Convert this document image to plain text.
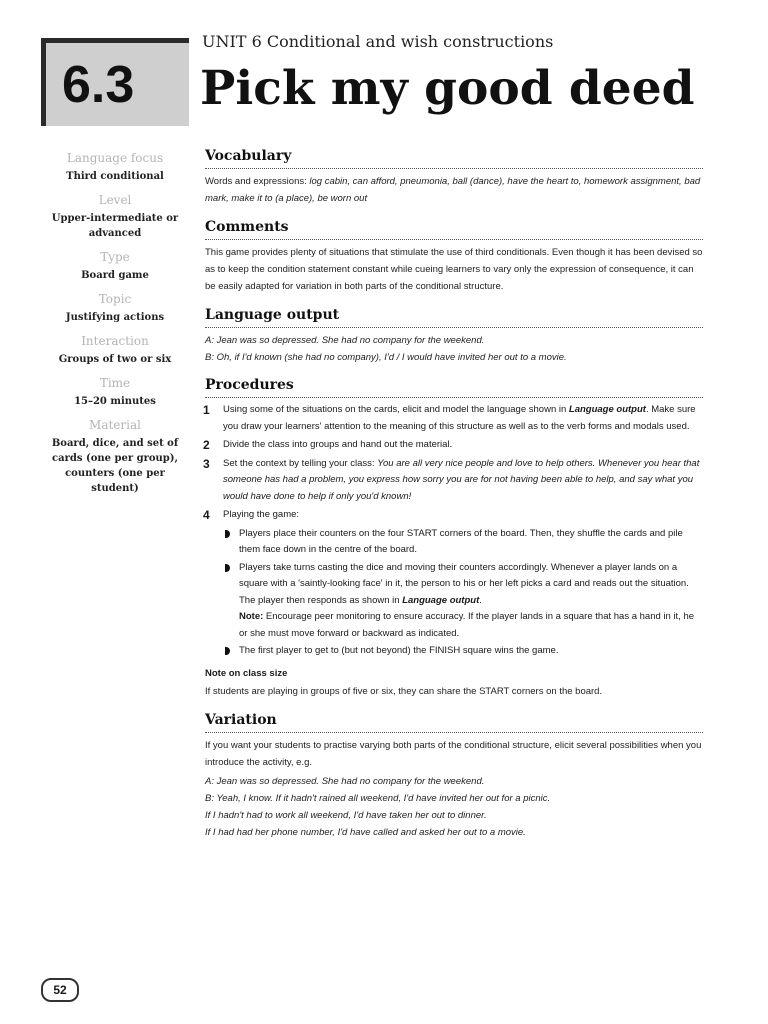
6.3
UNIT 6 Conditional and wish constructions
Pick my good deed

Language focus

Third conditional

Level

Upper-intermediate or advanced

Type

Board game

Topic

Justifying actions

Interaction

Groups of two or six

Time

15–20 minutes

Material

Board, dice, and set of cards (one per group), counters (one per student)

Vocabulary

Words and expressions: log cabin, can afford, pneumonia, ball (dance), have the heart to, homework assignment, bad mark, make it to (a place), be worn out

Comments

This game provides plenty of situations that stimulate the use of third conditionals. Even though it has been devised so as to keep the condition statement constant while cueing learners to vary only the expression of consequence, it can be easily adapted for variation in both parts of the conditional structure.

Language output
A: Jean was so depressed. She had no company for the weekend.
B: Oh, if I'd known (she had no company), I'd / I would have invited her out to a movie.
Procedures
1 Using some of the situations on the cards, elicit and model the language shown in Language output. Make sure you draw your learners' attention to the meaning of this structure as well as to the verb forms and modals used.
2 Divide the class into groups and hand out the material.
3 Set the context by telling your class: You are all very nice people and love to help others. Whenever you hear that someone has had a problem, you express how sorry you are for not having been able to help, and say what you would have done to help if only you'd known!
4 Playing the game:
Players place their counters on the four START corners of the board. Then, they shuffle the cards and pile them face down in the centre of the board.
Players take turns casting the dice and moving their counters accordingly. Whenever a player lands on a square with a 'saintly-looking face' in it, the person to his or her left picks a card and reads out the situation. The player then responds as shown in Language output.
Note: Encourage peer monitoring to ensure accuracy. If the player lands in a square that has a hand in it, he or she must move forward or backward as indicated.
The first player to get to (but not beyond) the FINISH square wins the game.
Note on class size

If students are playing in groups of five or six, they can share the START corners on the board.

Variation

If you want your students to practise varying both parts of the conditional structure, elicit several possibilities when you introduce the activity, e.g.

A: Jean was so depressed. She had no company for the weekend.
B: Yeah, I know. If it hadn't rained all weekend, I'd have invited her out for a picnic.
If I hadn't had to work all weekend, I'd have taken her out to dinner.
If I had had her phone number, I'd have called and asked her out to a movie.
52
